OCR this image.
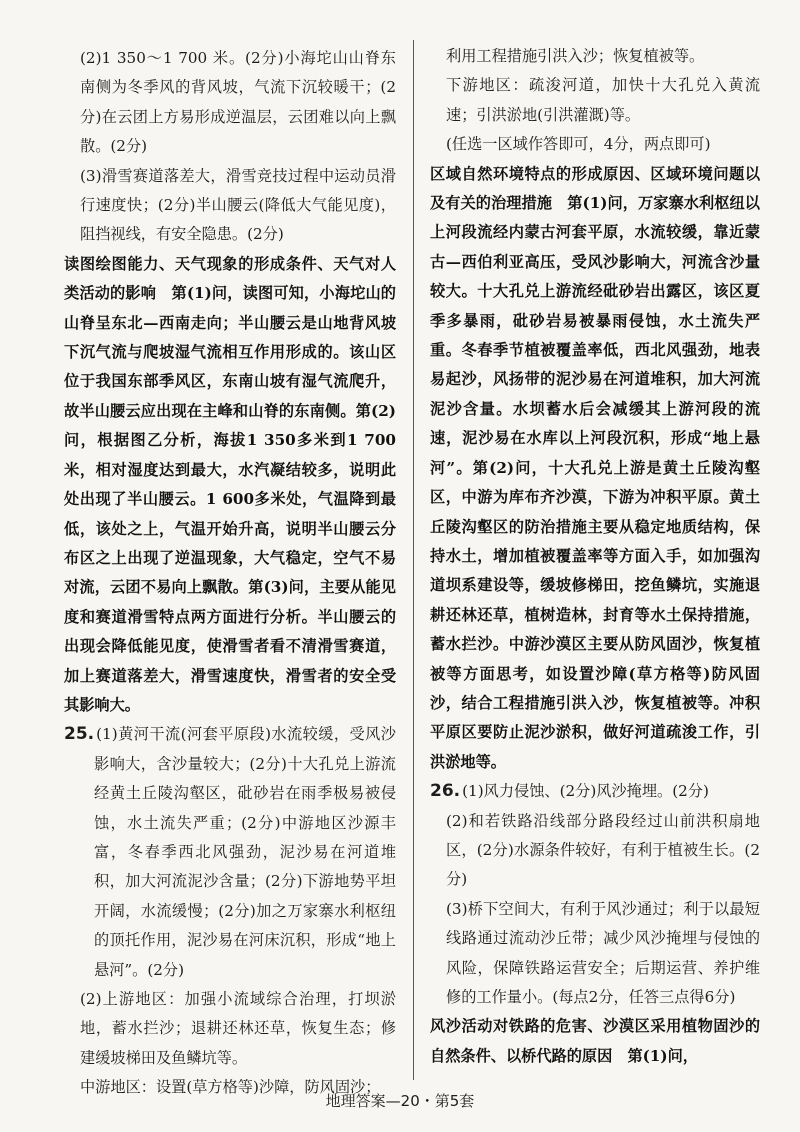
(2)1 350～1 700 米。(2分)小海坨山山脊东南侧为冬季风的背风坡，气流下沉较暖干；(2分)在云团上方易形成逆温层，云团难以向上飘散。(2分)

(3)滑雪赛道落差大，滑雪竞技过程中运动员滑行速度快；(2分)半山腰云(降低大气能见度)，阻挡视线，有安全隐患。(2分)

读图绘图能力、天气现象的形成条件、天气对人类活动的影响　第(1)问，读图可知，小海坨山的山脊呈东北—西南走向；半山腰云是山地背风坡下沉气流与爬坡湿气流相互作用形成的。该山区位于我国东部季风区，东南山坡有湿气流爬升，故半山腰云应出现在主峰和山脊的东南侧。第(2)问，根据图乙分析，海拔1 350多米到1 700米，相对湿度达到最大，水汽凝结较多，说明此处出现了半山腰云。1 600多米处，气温降到最低，该处之上，气温开始升高，说明半山腰云分布区之上出现了逆温现象，大气稳定，空气不易对流，云团不易向上飘散。第(3)问，主要从能见度和赛道滑雪特点两方面进行分析。半山腰云的出现会降低能见度，使滑雪者看不清滑雪赛道，加上赛道落差大，滑雪速度快，滑雪者的安全受其影响大。

25. (1)黄河干流(河套平原段)水流较缓，受风沙影响大，含沙量较大；(2分)十大孔兑上游流经黄土丘陵沟壑区，砒砂岩在雨季极易被侵蚀，水土流失严重；(2分)中游地区沙源丰富，冬春季西北风强劲，泥沙易在河道堆积，加大河流泥沙含量；(2分)下游地势平坦开阔，水流缓慢；(2分)加之万家寨水利枢纽的顶托作用，泥沙易在河床沉积，形成“地上悬河”。(2分)

(2)上游地区：加强小流域综合治理，打坝淤地，蓄水拦沙；退耕还林还草，恢复生态；修建缓坡梯田及鱼鳞坑等。

中游地区：设置(草方格等)沙障，防风固沙；

利用工程措施引洪入沙；恢复植被等。

下游地区：疏浚河道，加快十大孔兑入黄流速；引洪淤地(引洪灌溉)等。

(任选一区域作答即可，4分，两点即可)

区域自然环境特点的形成原因、区域环境问题以及有关的治理措施　第(1)问，万家寨水利枢纽以上河段流经内蒙古河套平原，水流较缓，靠近蒙古—西伯利亚高压，受风沙影响大，河流含沙量较大。十大孔兑上游流经砒砂岩出露区，该区夏季多暴雨，砒砂岩易被暴雨侵蚀，水土流失严重。冬春季节植被覆盖率低，西北风强劲，地表易起沙，风扬带的泥沙易在河道堆积，加大河流泥沙含量。水坝蓄水后会减缓其上游河段的流速，泥沙易在水库以上河段沉积，形成“地上悬河”。第(2)问，十大孔兑上游是黄土丘陵沟壑区，中游为库布齐沙漠，下游为冲积平原。黄土丘陵沟壑区的防治措施主要从稳定地质结构，保持水土，增加植被覆盖率等方面入手，如加强沟道坝系建设等，缓坡修梯田，挖鱼鳞坑，实施退耕还林还草，植树造林，封育等水土保持措施，蓄水拦沙。中游沙漠区主要从防风固沙，恢复植被等方面思考，如设置沙障(草方格等)防风固沙，结合工程措施引洪入沙，恢复植被等。冲积平原区要防止泥沙淤积，做好河道疏浚工作，引洪淤地等。

26. (1)风力侵蚀、(2分)风沙掩埋。(2分)

(2)和若铁路沿线部分路段经过山前洪积扇地区，(2分)水源条件较好，有利于植被生长。(2分)

(3)桥下空间大，有利于风沙通过；利于以最短线路通过流动沙丘带；减少风沙掩埋与侵蚀的风险，保障铁路运营安全；后期运营、养护维修的工作量小。(每点2分，任答三点得6分)

风沙活动对铁路的危害、沙漠区采用植物固沙的自然条件、以桥代路的原因　第(1)问，

地理答案—20・第5套
